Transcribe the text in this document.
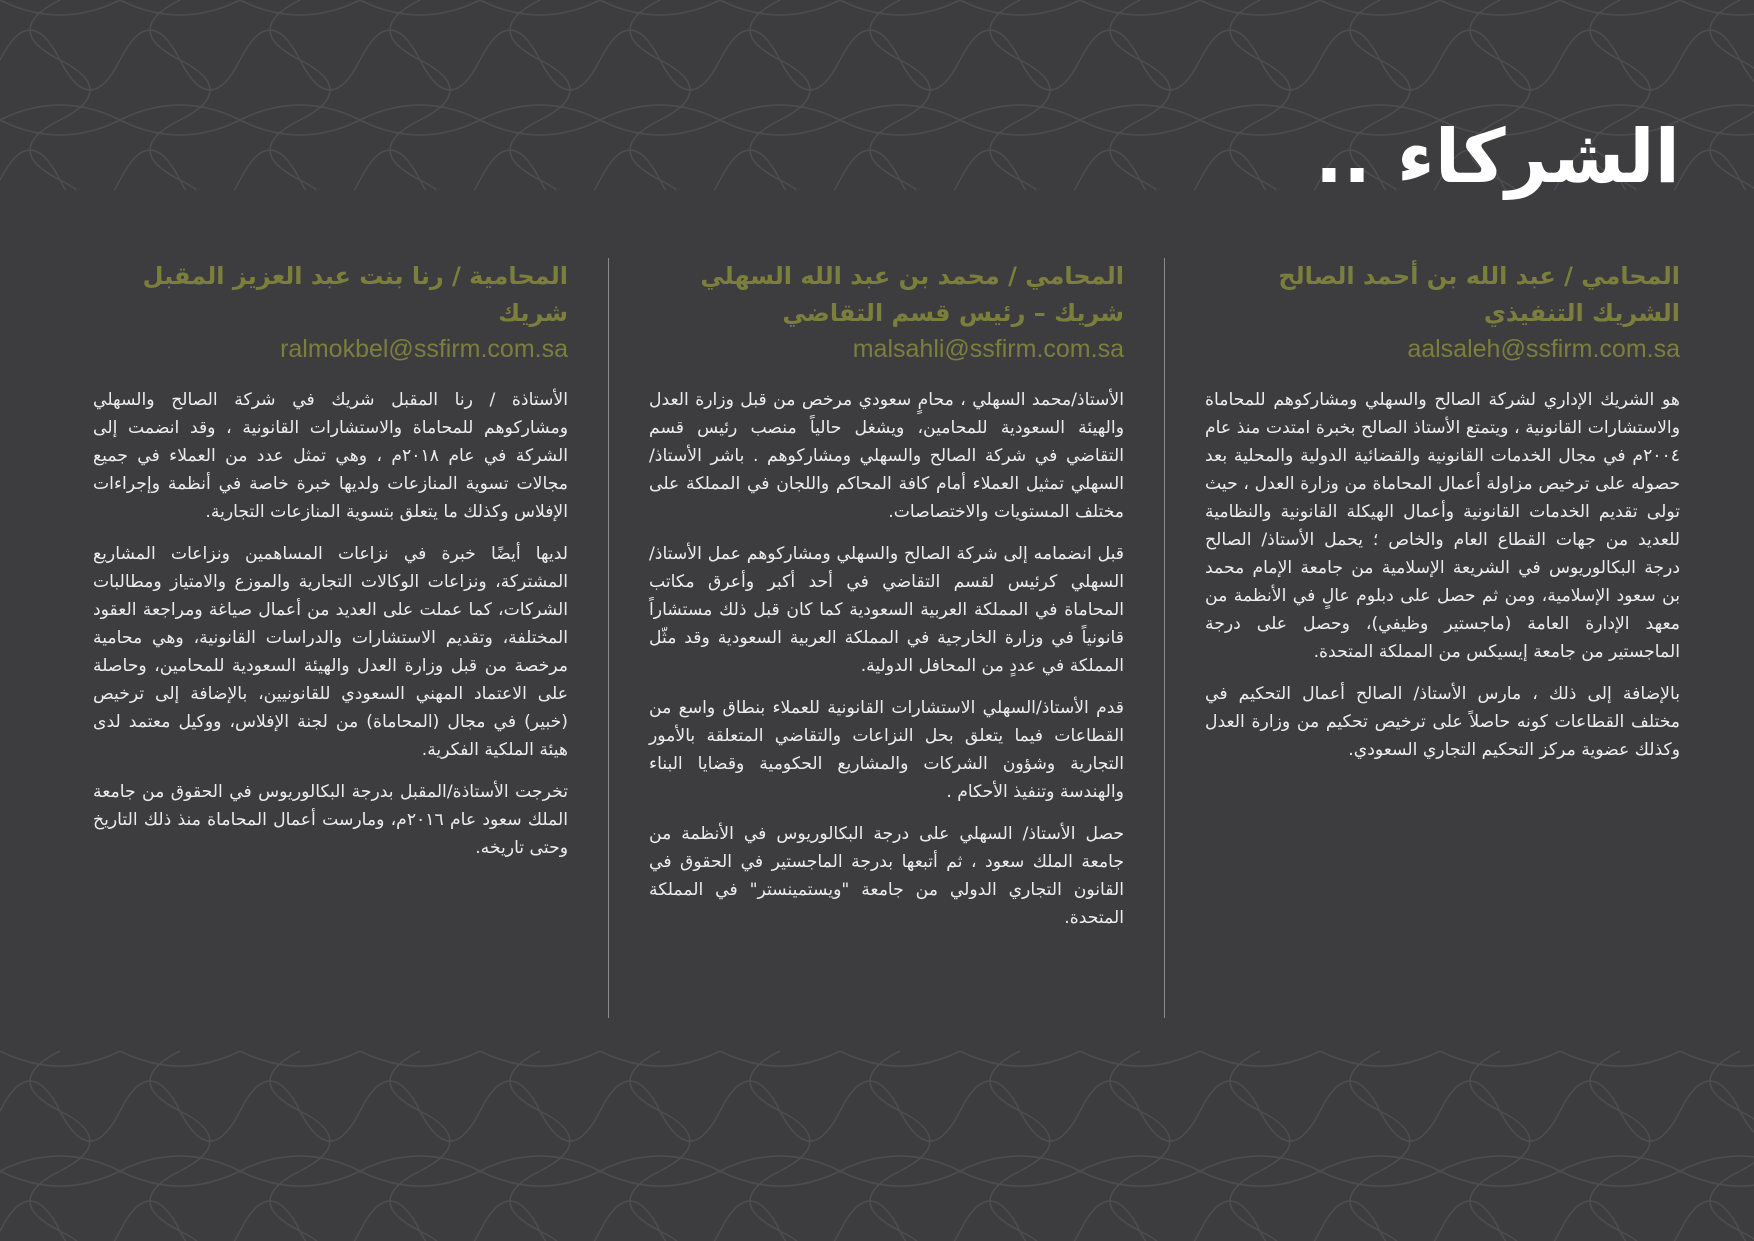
الشركاء ..
المحامي / عبد الله بن أحمد الصالح
الشريك التنفيذي
aalsaleh@ssfirm.com.sa

هو الشريك الإداري لشركة الصالح والسهلي ومشاركوهم للمحاماة والاستشارات القانونية ، ويتمتع الأستاذ الصالح بخبرة امتدت منذ عام ٢٠٠٤م في مجال الخدمات القانونية والقضائية الدولية والمحلية بعد حصوله على ترخيص مزاولة أعمال المحاماة من وزارة العدل ، حيث تولى تقديم الخدمات القانونية وأعمال الهيكلة القانونية والنظامية للعديد من جهات القطاع العام والخاص ؛ يحمل الأستاذ/ الصالح درجة البكالوريوس في الشريعة الإسلامية من جامعة الإمام محمد بن سعود الإسلامية، ومن ثم حصل على دبلوم عالٍ في الأنظمة من معهد الإدارة العامة (ماجستير وظيفي)، وحصل على درجة الماجستير من جامعة إيسيكس من المملكة المتحدة.

بالإضافة إلى ذلك ، مارس الأستاذ/ الصالح أعمال التحكيم في مختلف القطاعات كونه حاصلاً على ترخيص تحكيم من وزارة العدل وكذلك عضوية مركز التحكيم التجاري السعودي.

المحامي / محمد بن عبد الله السهلي
شريك – رئيس قسم التقاضي
malsahli@ssfirm.com.sa

الأستاذ/محمد السهلي ، محامٍ سعودي مرخص من قبل وزارة العدل والهيئة السعودية للمحامين، ويشغل حالياً منصب رئيس قسم التقاضي في شركة الصالح والسهلي ومشاركوهم . باشر الأستاذ/ السهلي تمثيل العملاء أمام كافة المحاكم واللجان في المملكة على مختلف المستويات والاختصاصات.

قبل انضمامه إلى شركة الصالح والسهلي ومشاركوهم عمل الأستاذ/ السهلي كرئيس لقسم التقاضي في أحد أكبر وأعرق مكاتب المحاماة في المملكة العربية السعودية كما كان قبل ذلك مستشاراً قانونياً في وزارة الخارجية في المملكة العربية السعودية وقد مثّل المملكة في عددٍ من المحافل الدولية.

قدم الأستاذ/السهلي الاستشارات القانونية للعملاء بنطاق واسع من القطاعات فيما يتعلق بحل النزاعات والتقاضي المتعلقة بالأمور التجارية وشؤون الشركات والمشاريع الحكومية وقضايا البناء والهندسة وتنفيذ الأحكام .

حصل الأستاذ/ السهلي على درجة البكالوريوس في الأنظمة من جامعة الملك سعود ، ثم أتبعها بدرجة الماجستير في الحقوق في القانون التجاري الدولي من جامعة "ويستمينستر" في المملكة المتحدة.

المحامية / رنا بنت عبد العزيز المقبل
شريك
ralmokbel@ssfirm.com.sa

الأستاذة / رنا المقبل شريك في شركة الصالح والسهلي ومشاركوهم للمحاماة والاستشارات القانونية ، وقد انضمت إلى الشركة في عام ٢٠١٨م ، وهي تمثل عدد من العملاء في جميع مجالات تسوية المنازعات ولديها خبرة خاصة في أنظمة وإجراءات الإفلاس وكذلك ما يتعلق بتسوية المنازعات التجارية.

لديها أيضًا خبرة في نزاعات المساهمين ونزاعات المشاريع المشتركة، ونزاعات الوكالات التجارية والموزع والامتياز ومطالبات الشركات، كما عملت على العديد من أعمال صياغة ومراجعة العقود المختلفة، وتقديم الاستشارات والدراسات القانونية، وهي محامية مرخصة من قبل وزارة العدل والهيئة السعودية للمحامين، وحاصلة على الاعتماد المهني السعودي للقانونيين، بالإضافة إلى ترخيص (خبير) في مجال (المحاماة) من لجنة الإفلاس، ووكيل معتمد لدى هيئة الملكية الفكرية.

تخرجت الأستاذة/المقبل بدرجة البكالوريوس في الحقوق من جامعة الملك سعود عام ٢٠١٦م، ومارست أعمال المحاماة منذ ذلك التاريخ وحتى تاريخه.
